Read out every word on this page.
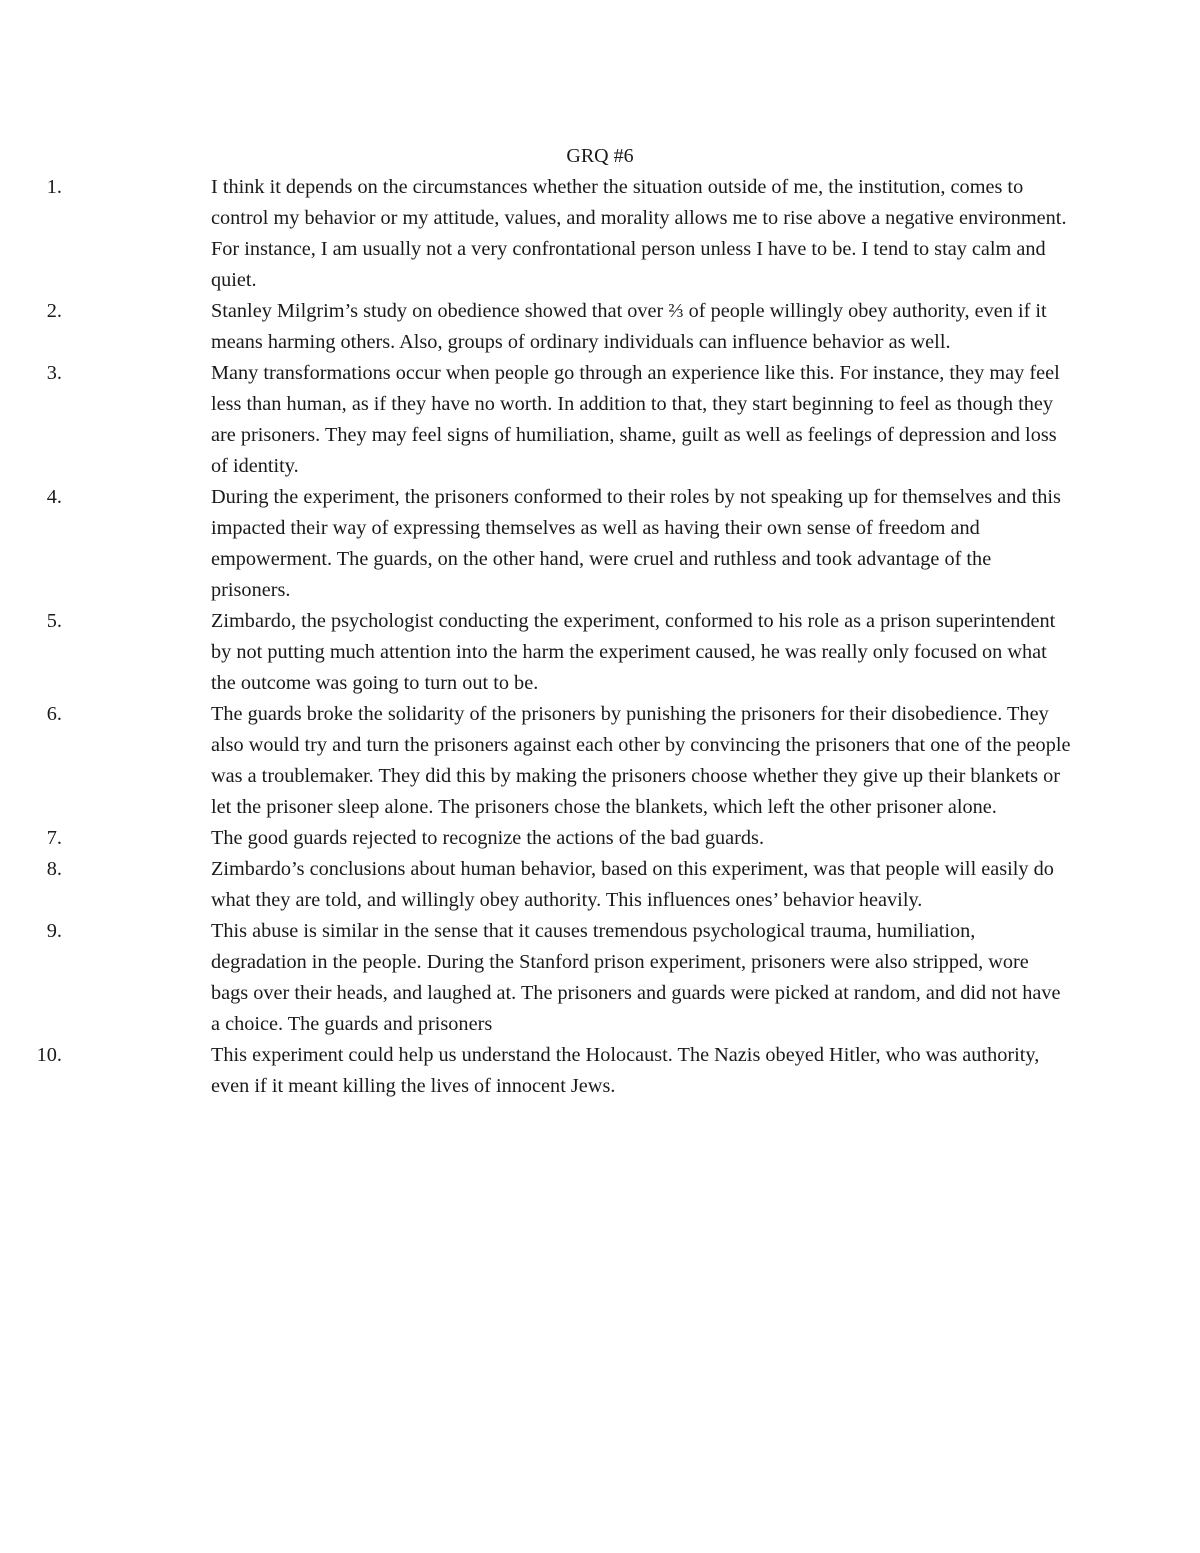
GRQ #6
1.	I think it depends on the circumstances whether the situation outside of me, the institution, comes to control my behavior or my attitude, values, and morality allows me to rise above a negative environment. For instance, I am usually not a very confrontational person unless I have to be. I tend to stay calm and quiet.
2.	Stanley Milgrim’s study on obedience showed that over ⅔ of people willingly obey authority, even if it means harming others. Also, groups of ordinary individuals can influence behavior as well.
3.	Many transformations occur when people go through an experience like this. For instance, they may feel less than human, as if they have no worth. In addition to that, they start beginning to feel as though they are prisoners. They may feel signs of humiliation, shame, guilt as well as feelings of depression and loss of identity.
4.	During the experiment, the prisoners conformed to their roles by not speaking up for themselves and this impacted their way of expressing themselves as well as having their own sense of freedom and empowerment. The guards, on the other hand, were cruel and ruthless and took advantage of the prisoners.
5.	Zimbardo, the psychologist conducting the experiment, conformed to his role as a prison superintendent by not putting much attention into the harm the experiment caused, he was really only focused on what the outcome was going to turn out to be.
6.	The guards broke the solidarity of the prisoners by punishing the prisoners for their disobedience. They also would try and turn the prisoners against each other by convincing the prisoners that one of the people was a troublemaker. They did this by making the prisoners choose whether they give up their blankets or let the prisoner sleep alone. The prisoners chose the blankets, which left the other prisoner alone.
7.	The good guards rejected to recognize the actions of the bad guards.
8.	Zimbardo’s conclusions about human behavior, based on this experiment, was that people will easily do what they are told, and willingly obey authority. This influences ones’ behavior heavily.
9.	This abuse is similar in the sense that it causes tremendous psychological trauma, humiliation, degradation in the people. During the Stanford prison experiment, prisoners were also stripped, wore bags over their heads, and laughed at. The prisoners and guards were picked at random, and did not have a choice. The guards and prisoners
10.	This experiment could help us understand the Holocaust. The Nazis obeyed Hitler, who was authority, even if it meant killing the lives of innocent Jews.
